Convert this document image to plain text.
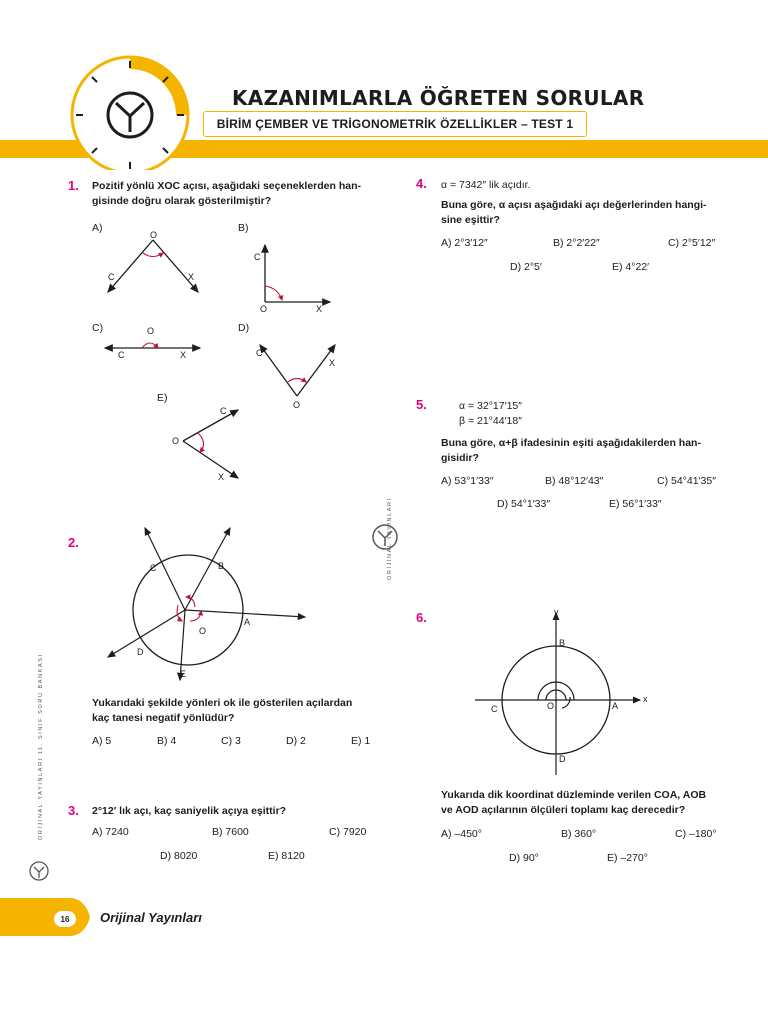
KAZANIMLARLA ÖĞRETEN SORULAR
BİRİM ÇEMBER VE TRİGONOMETRİK ÖZELLİKLER – TEST 1
1. Pozitif yönlü XOC açısı, aşağıdaki seçeneklerden han-
gisinde doğru olarak gösterilmiştir?
A)	B)
C)	D)
E)
O
C	X
C
O	X
O
C	X	C
X
O
C
O
X
2.
C	B
A
O
D
E
Yukarıdaki şekilde yönleri ok ile gösterilen açılardan
kaç tanesi negatif yönlüdür?
A) 5	B) 4	C) 3	D) 2	E) 1
3. 2°12′ lık açı, kaç saniyelik açıya eşittir?
A) 7240	B) 7600	C) 7920
D) 8020	E) 8120
4. α = 7342″ lik açıdır.
Buna göre, α açısı aşağıdaki açı değerlerinden hangi-
sine eşittir?
A) 2°3′12″	B) 2°2′22″	C) 2°5′12″
D) 2°5′	E) 4°22′
5.	α = 32°17′15″
β = 21°44′18″
Buna göre, α+β ifadesinin eşiti aşağıdakilerden han-
gisidir?
A) 53°1′33″	B) 48°12′43″	C) 54°41′35″
D) 54°1′33″	E) 56°1′33″
6.	y
x
B
C	O	A
D
Yukarıda dik koordinat düzleminde verilen COA, AOB
ve AOD açılarının ölçüleri toplamı kaç derecedir?
A) –450°	B) 360°	C) –180°
D) 90°	E) –270°
ORİJİNAL YAYINLARI
ORİJİNAL YAYINLARI 11. SINIF SORU BANKASI
16	Orijinal Yayınları
